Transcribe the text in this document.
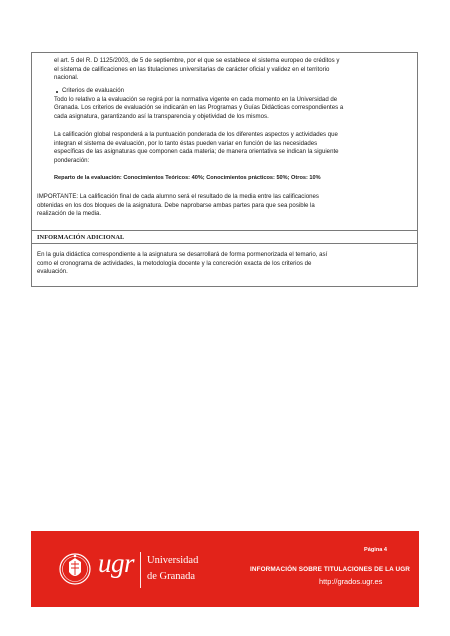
el art. 5 del R. D 1125/2003, de 5 de septiembre, por el que se establece el sistema europeo de créditos y
el sistema de calificaciones en las titulaciones universitarias de carácter oficial y validez en el territorio
nacional.
Criterios de evaluación
Todo lo relativo a la evaluación se regirá por la normativa vigente en cada momento en la Universidad de
Granada. Los criterios de evaluación se indicarán en las Programas y Guías Didácticas correspondientes a
cada asignatura, garantizando así la transparencia y objetividad de los mismos.
La calificación global responderá a la puntuación ponderada de los diferentes aspectos y actividades que
integran el sistema de evaluación, por lo tanto éstas pueden variar en función de las necesidades
específicas de las asignaturas que componen cada materia; de manera orientativa se indican la siguiente
ponderación:
Reparto de la evaluación: Conocimientos Teóricos: 40%; Conocimientos prácticos: 50%; Otros: 10%
IMPORTANTE: La calificación final de cada alumno será el resultado de la media entre las calificaciones
obtenidas en los dos bloques de la asignatura. Debe naprobarse ambas partes para que sea posible la
realización de la media.
INFORMACIÓN ADICIONAL
En la guía didáctica correspondiente a la asignatura se desarrollará de forma pormenorizada el temario, así
como el cronograma de actividades, la metodología docente y la concreción exacta de los criterios de
evaluación.
ugr Universidad
de Granada
Página 4
INFORMACIÓN SOBRE TITULACIONES DE LA UGR
http://grados.ugr.es
